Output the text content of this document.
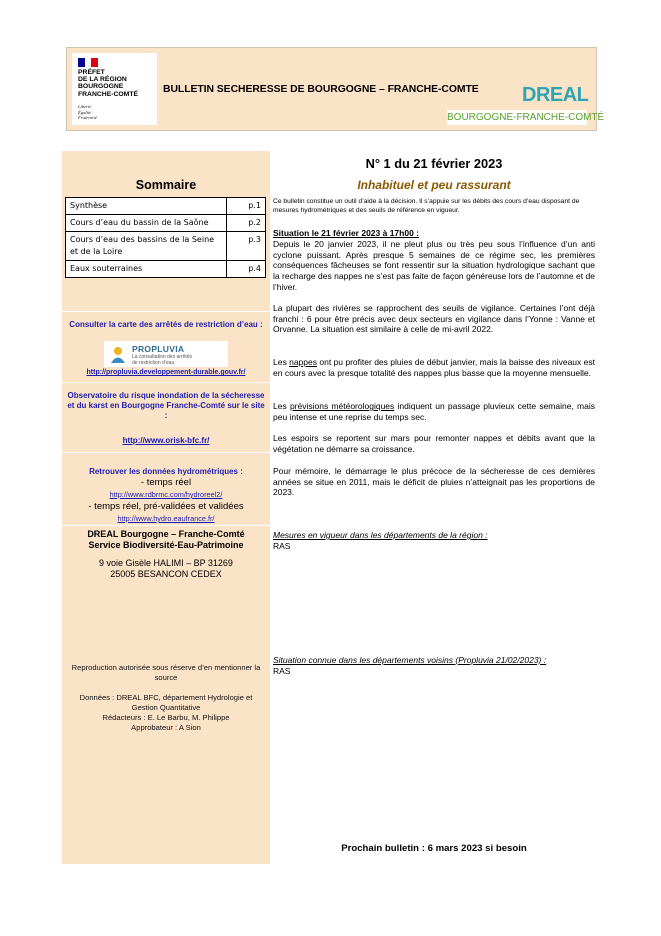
PRÉFET
DE LA RÉGION
BOURGOGNE
FRANCHE-COMTÉ
Liberté
Égalité
Fraternité
BULLETIN SECHERESSE DE BOURGOGNE – FRANCHE-COMTE DREAL
BOURGOGNE-FRANCHE-COMTÉ
Sommaire
Synthèse	p.1
Cours d’eau du bassin de la Saône	p.2
Cours d’eau des bassins de la Seine et de la Loire	p.3
Eaux souterraines	p.4
Consulter la carte des arrêtés de restriction d’eau :
PROPLUVIA
La consultation des arrêtés
de restriction d’eau
http://propluvia.developpement-durable.gouv.fr/
Observatoire du risque inondation de la sécheresse et du karst en Bourgogne Franche-Comté sur le site :
http://www.orisk-bfc.fr/
Retrouver les données hydrométriques :
- temps réel
http://www.rdbrmc.com/hydroreel2/
- temps réel, pré-validées et validées
http://www.hydro.eaufrance.fr/
DREAL Bourgogne – Franche-Comté
Service Biodiversité-Eau-Patrimoine
9 voie Gisèle HALIMI – BP 31269
25005 BESANCON CEDEX
Reproduction autorisée sous réserve d’en mentionner la source
Données : DREAL BFC, département Hydrologie et Gestion Quantitative
Rédacteurs : E. Le Barbu, M. Philippe
Approbateur : A Sion
N° 1 du 21 février 2023
Inhabituel et peu rassurant
Ce bulletin constitue un outil d’aide à la décision. Il s’appuie sur les débits des cours d’eau disposant de mesures hydrométriques et des seuils de référence en vigueur.
Situation le 21 février 2023 à 17h00 :
Depuis le 20 janvier 2023, il ne pleut plus ou très peu sous l’influence d’un anti cyclone puissant. Après presque 5 semaines de ce régime sec, les premières conséquences fâcheuses se font ressentir sur la situation hydrologique sachant que la recharge des nappes ne s’est pas faite de façon généreuse lors de l’automne et de l’hiver.
La plupart des rivières se rapprochent des seuils de vigilance. Certaines l’ont déjà franchi : 6 pour être précis avec deux secteurs en vigilance dans l’Yonne : Vanne et Orvanne. La situation est similaire à celle de mi-avril 2022.
Les nappes ont pu profiter des pluies de début janvier, mais la baisse des niveaux est en cours avec la presque totalité des nappes plus basse que la moyenne mensuelle.
Les prévisions météorologiques indiquent un passage pluvieux cette semaine, mais peu intense et une reprise du temps sec.
Les espoirs se reportent sur mars pour remonter nappes et débits avant que la végétation ne démarre sa croissance.
Pour mémoire, le démarrage le plus précoce de la sécheresse de ces dernières années se situe en 2011, mais le déficit de pluies n’atteignait pas les proportions de 2023.
Mesures en vigueur dans les départements de la région :
RAS
Situation connue dans les départements voisins (Propluvia 21/02/2023) :
RAS
Prochain bulletin : 6 mars 2023 si besoin
